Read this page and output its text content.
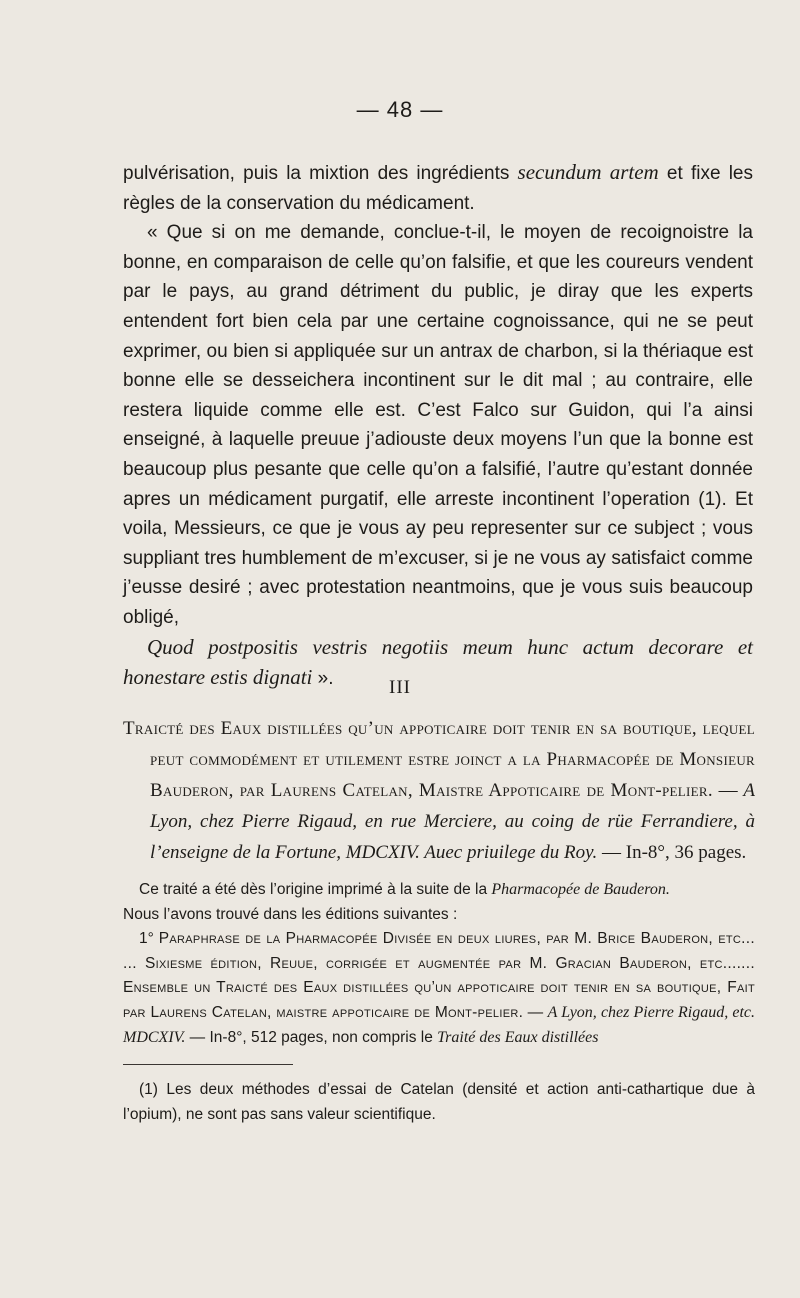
— 48 —

pulvérisation, puis la mixtion des ingrédients secundum artem et fixe les règles de la conservation du médicament.

« Que si on me demande, conclue-t-il, le moyen de recoignoistre la bonne, en comparaison de celle qu’on falsifie, et que les coureurs vendent par le pays, au grand détriment du public, je diray que les experts entendent fort bien cela par une certaine cognoissance, qui ne se peut exprimer, ou bien si appliquée sur un antrax de charbon, si la thériaque est bonne elle se desseichera incontinent sur le dit mal ; au contraire, elle restera liquide comme elle est. C’est Falco sur Guidon, qui l’a ainsi enseigné, à laquelle preuue j’adiouste deux moyens l’un que la bonne est beaucoup plus pesante que celle qu’on a falsifié, l’autre qu’estant donnée apres un médicament purgatif, elle arreste incontinent l’operation (1). Et voila, Messieurs, ce que je vous ay peu representer sur ce subject ; vous suppliant tres humblement de m’excuser, si je ne vous ay satisfaict comme j’eusse desiré ; avec protestation neantmoins, que je vous suis beaucoup obligé,

Quod postpositis vestris negotiis meum hunc actum decorare et honestare estis dignati ».	III
Traicté des Eaux distillées qu’un appoticaire doit tenir en sa boutique, lequel peut commodément et utilement estre joinct a la Pharmacopée de Monsieur Bauderon, par Laurens Catelan, Maistre Appoticaire de Mont-pelier. — A Lyon, chez Pierre Rigaud, en rue Merciere, au coing de rüe Ferrandiere, à l’enseigne de la Fortune, MDCXIV. Auec priuilege du Roy. — In-8°, 36 pages.

Ce traité a été dès l’origine imprimé à la suite de la Pharmacopée de Bauderon.

Nous l’avons trouvé dans les éditions suivantes :

1° Paraphrase de la Pharmacopée Divisée en deux liures, par M. Brice Bauderon, etc... ... Sixiesme édition, Reuue, corrigée et augmentée par M. Gracian Bauderon, etc....... Ensemble un Traicté des Eaux distillées qu’un appoticaire doit tenir en sa boutique, Fait par Laurens Catelan, maistre appoticaire de Mont-pelier. — A Lyon, chez Pierre Rigaud, etc. MDCXIV. — In-8°, 512 pages, non compris le Traité des Eaux distillées

(1) Les deux méthodes d’essai de Catelan (densité et action anti-cathartique due à l’opium), ne sont pas sans valeur scientifique.
